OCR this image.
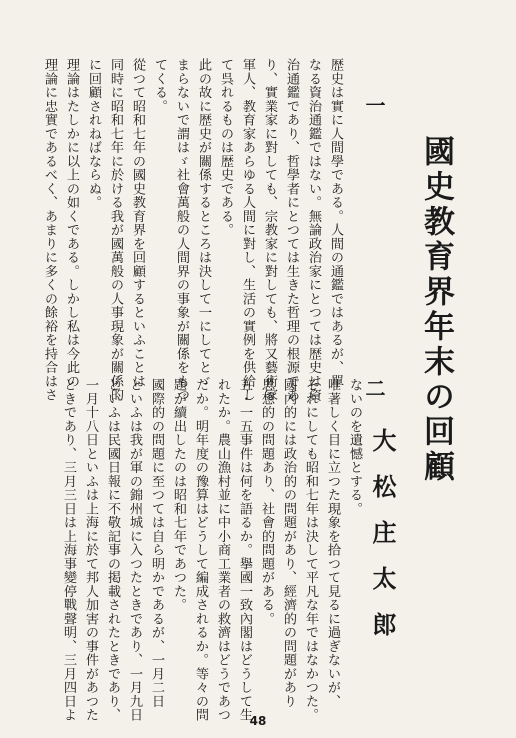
歴史は實に人間學である。人間の通鑑ではあるが、單
なる資治通鑑ではない。無論政治家にとつては歴史は資
治通鑑であり、哲學者にとつては生きた哲理の根源であ
り、實業家に對しても、宗教家に對しても、將又藝術家
軍人、教育家あらゆる人間に對し、生活の實例を供給し
て呉れるものは歴史である。
此の故に歴史が關係するところは決して一にしてとゞ
まらないで謂はゞ社會萬般の人間界の事象が關係をもつ
てくる。
從つて昭和七年の國史教育界を回顧するといふことは
同時に昭和七年に於ける我が國萬般の人事現象が關係的
に回顧されねばならぬ。
理論はたしかに以上の如くである。しかし私は今此の
理論に忠實であるべく、あまりに多くの餘裕を持合はさ	一
國史教育界年末の回顧
大松庄太郎
ないのを遺憾とする。
唯著しく目に立つた現象を拾つて見るに過ぎないが、
それにしても昭和七年は決して平凡な年ではなかつた。
國內的には政治的の問題があり、經濟的の問題があり
思想的の問題あり、社會的問題がある。
五・一五事件は何を語るか。擧國一致內閣はどうして生
れたか。農山漁村並に中小商工業者の救濟はどうであつ
たか。明年度の豫算はどうして編成されるか。等々の問
題が續出したのは昭和七年であつた。
國際的の問題に至つては自ら明かであるが、一月二日
といふは我が軍の錦州城に入つたときであり、一月九日
といふは民國日報に不敬記事の掲載されたときであり、
一月十八日といふは上海に於て邦人加害の事件があつた
ときであり、三月三日は上海事變停戰聲明、三月四日よ	二
48
